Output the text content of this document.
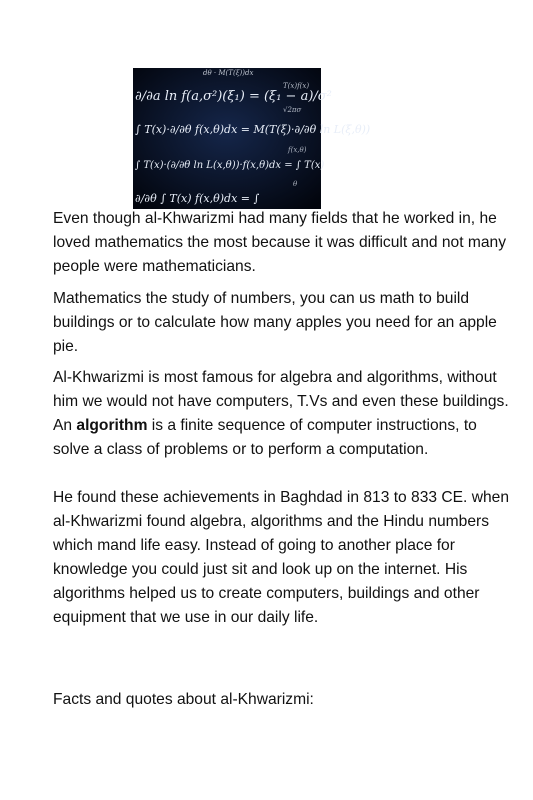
dθ · M(T(ξ))dx
∂/∂a ln f(a,σ²)(ξ₁) = (ξ₁ − a)/σ²
∫ T(x)·∂/∂θ f(x,θ)dx = M(T(ξ)·∂/∂θ ln L(ξ,θ))
∫ T(x)·(∂/∂θ ln L(x,θ))·f(x,θ)dx = ∫ T(x)
∂/∂θ ∫ T(x) f(x,θ)dx = ∫
T(x)f(x)
√2πσ
f(x,θ)
θ

Even though al-Khwarizmi had many fields that he worked in, he loved mathematics the most because it was difficult and not many people were mathematicians.

Mathematics the study of numbers, you can us math to build buildings or to calculate how many apples you need for an apple pie.

Al-Khwarizmi is most famous for algebra and algorithms, without him we would not have computers, T.Vs and even these buildings. An algorithm is a finite sequence of computer instructions, to solve a class of problems or to perform a computation.

He found these achievements in Baghdad in 813 to 833 CE. when al-Khwarizmi found algebra, algorithms and the Hindu numbers which mand life easy. Instead of going to another place for knowledge you could just sit and look up on the internet. His algorithms helped us to create computers, buildings and other equipment that we use in our daily life.

Facts and quotes about al-Khwarizmi:
